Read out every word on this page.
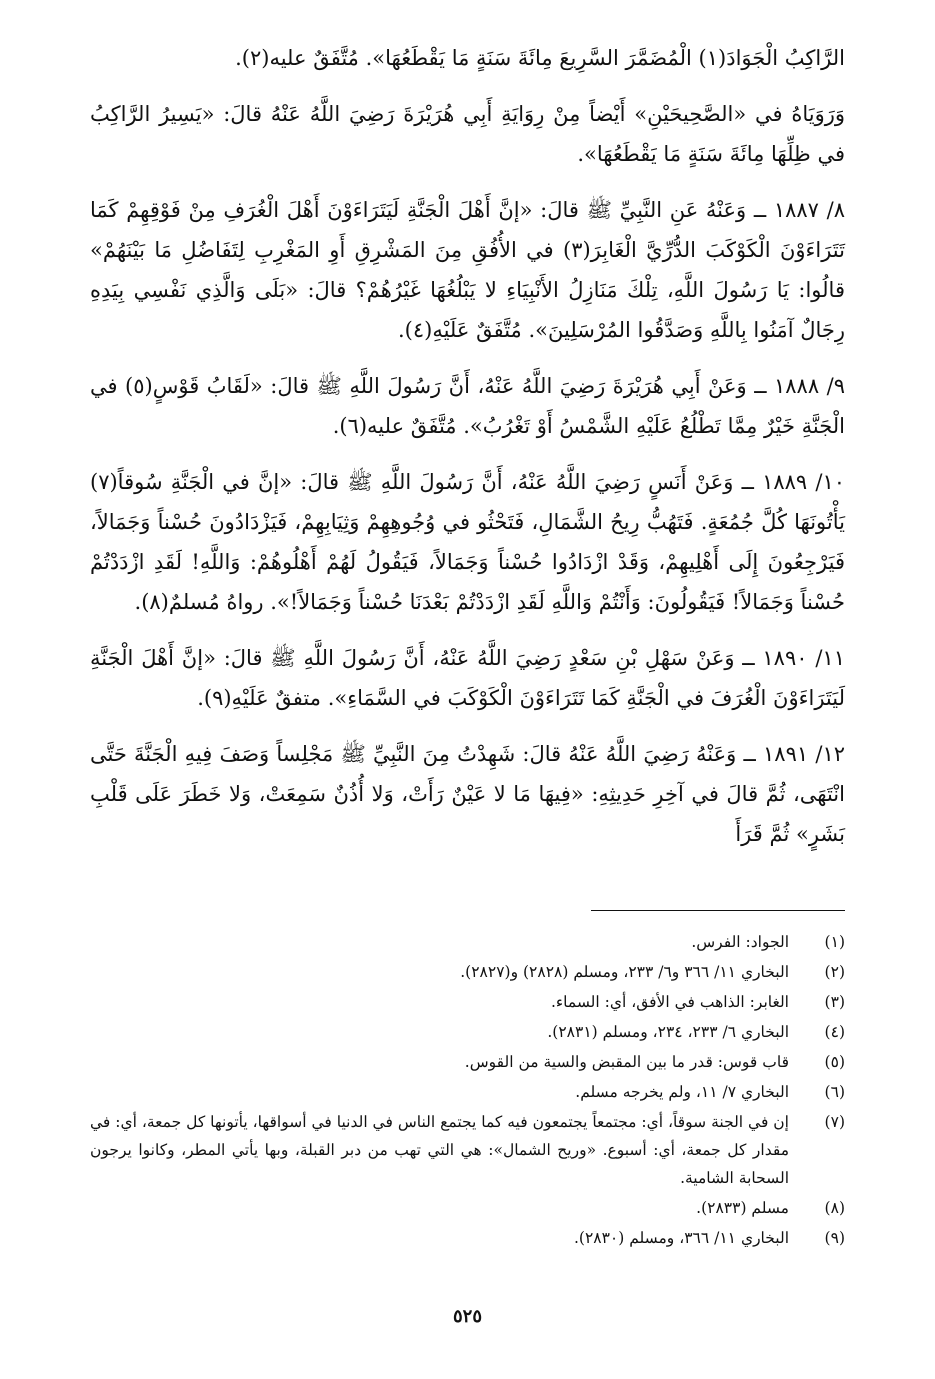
الرَّاكِبُ الْجَوَادَ(١) الْمُضَمَّرَ السَّرِيعَ مِائَةَ سَنَةٍ مَا يَقْطَعُهَا». مُتَّفَقٌ عليه(٢).

وَرَوَيَاهُ في «الصَّحِيحَيْنِ» أَيْضاً مِنْ رِوَايَةِ أَبِي هُرَيْرَةَ رَضِيَ اللَّهُ عَنْهُ قالَ: «يَسِيرُ الرَّاكِبُ في ظِلِّهَا مِائَةَ سَنَةٍ مَا يَقْطَعُهَا».

٨/ ١٨٨٧ ــ وَعَنْهُ عَنِ النَّبِيِّ ﷺ قالَ: «إنَّ أَهْلَ الْجَنَّةِ لَيَتَرَاءَوْنَ أَهْلَ الْغُرَفِ مِنْ فَوْقِهِمْ كَمَا تَتَرَاءَوْنَ الْكَوْكَبَ الدُّرِّيَّ الْغَابِرَ(٣) في الأُفُقِ مِنَ المَشْرِقِ أَوِ المَغْرِبِ لِتَفَاضُلِ مَا بَيْنَهُمْ» قالُوا: يَا رَسُولَ اللَّهِ، تِلْكَ مَنَازِلُ الأَنْبِيَاءِ لا يَبْلُغُهَا غَيْرُهُمْ؟ قالَ: «بَلَى وَالَّذِي نَفْسِي بِيَدِهِ رِجَالٌ آمَنُوا بِاللَّهِ وَصَدَّقُوا المُرْسَلِينَ». مُتَّفَقٌ عَلَيْهِ(٤).

٩/ ١٨٨٨ ــ وَعَنْ أَبِي هُرَيْرَةَ رَضِيَ اللَّهُ عَنْهُ، أَنَّ رَسُولَ اللَّهِ ﷺ قالَ: «لَقَابُ قَوْسٍ(٥) في الْجَنَّةِ خَيْرٌ مِمَّا تَطْلُعُ عَلَيْهِ الشَّمْسُ أَوْ تَغْرُبُ». مُتَّفَقٌ عليه(٦).

١٠/ ١٨٨٩ ــ وَعَنْ أَنَسٍ رَضِيَ اللَّهُ عَنْهُ، أَنَّ رَسُولَ اللَّهِ ﷺ قالَ: «إنَّ في الْجَنَّةِ سُوقاً(٧) يَأْتُونَهَا كُلَّ جُمُعَةٍ. فَتَهُبُّ رِيحُ الشَّمَالِ، فَتَحْثُو في وُجُوهِهِمْ وَثِيَابِهِمْ، فَيَزْدَادُونَ حُسْناً وَجَمَالاً، فَيَرْجِعُونَ إِلَى أَهْلِيهِمْ، وَقَدْ ازْدَادُوا حُسْناً وَجَمَالاً، فَيَقُولُ لَهُمْ أَهْلُوهُمْ: وَاللَّهِ! لَقَدِ ازْدَدْتُمْ حُسْناً وَجَمَالاً! فَيَقُولُونَ: وَأَنْتُمْ وَاللَّهِ لَقَدِ ازْدَدْتُمْ بَعْدَنَا حُسْناً وَجَمَالاً!». رواهُ مُسلمٌ(٨).

١١/ ١٨٩٠ ــ وَعَنْ سَهْلِ بْنِ سَعْدٍ رَضِيَ اللَّهُ عَنْهُ، أَنَّ رَسُولَ اللَّهِ ﷺ قالَ: «إنَّ أَهْلَ الْجَنَّةِ لَيَتَرَاءَوْنَ الْغُرَفَ في الْجَنَّةِ كَمَا تَتَرَاءَوْنَ الْكَوْكَبَ في السَّمَاءِ». متفقٌ عَلَيْهِ(٩).

١٢/ ١٨٩١ ــ وَعَنْهُ رَضِيَ اللَّهُ عَنْهُ قالَ: شَهِدْتُ مِنَ النَّبِيِّ ﷺ مَجْلِساً وَصَفَ فِيهِ الْجَنَّةَ حَتَّى انْتَهَى، ثُمَّ قالَ في آخِرِ حَدِيثِهِ: «فِيهَا مَا لا عَيْنٌ رَأَتْ، وَلا أُذُنٌ سَمِعَتْ، وَلا خَطَرَ عَلَى قَلْبِ بَشَرٍ» ثُمَّ قَرَأَ

(١)
الجواد: الفرس.
(٢)
البخاري ١١/ ٣٦٦ و٦/ ٢٣٣، ومسلم (٢٨٢٨) و(٢٨٢٧).
(٣)
الغابر: الذاهب في الأفق، أي: السماء.
(٤)
البخاري ٦/ ٢٣٣، ٢٣٤، ومسلم (٢٨٣١).
(٥)
قاب قوس: قدر ما بين المقبض والسية من القوس.
(٦)
البخاري ٧/ ١١، ولم يخرجه مسلم.
(٧)
إن في الجنة سوقاً، أي: مجتمعاً يجتمعون فيه كما يجتمع الناس في الدنيا في أسواقها، يأتونها كل جمعة، أي: في مقدار كل جمعة، أي: أسبوع. «وريح الشمال»: هي التي تهب من دبر القبلة، وبها يأتي المطر، وكانوا يرجون السحابة الشامية.
(٨)
مسلم (٢٨٣٣).
(٩)
البخاري ١١/ ٣٦٦، ومسلم (٢٨٣٠).
٥٢٥
